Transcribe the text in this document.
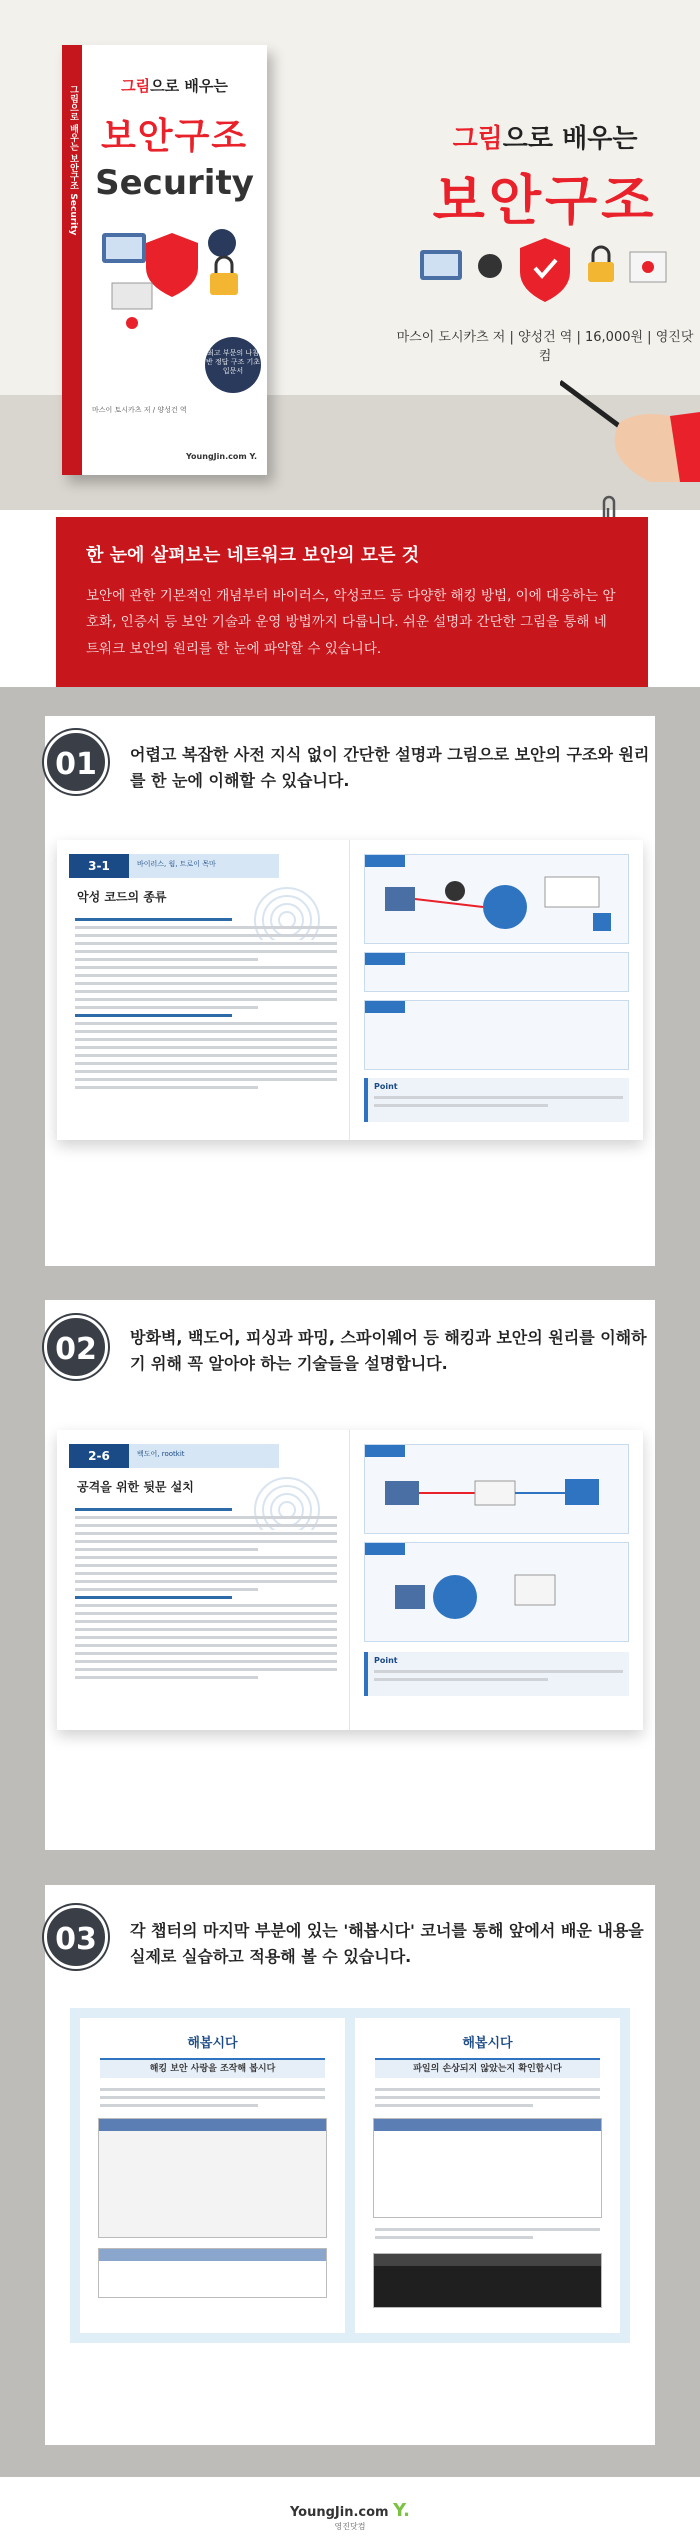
그림으로 배우는 보안구조 Security	그림으로 배우는
보안구조
Security
최고 부문의 나침반 정답 구조 기초 입문서
마스이 토시카츠 저 / 양성건 역
YoungJin.com Y.
그림으로 배우는
보안구조
마스이 도시카츠 저 | 양성건 역 | 16,000원 | 영진닷컴
한 눈에 살펴보는 네트워크 보안의 모든 것
보안에 관한 기본적인 개념부터 바이러스, 악성코드 등 다양한 해킹 방법, 이에 대응하는 암호화, 인증서 등 보안 기술과 운영 방법까지 다룹니다. 쉬운 설명과 간단한 그림을 통해 네트워크 보안의 원리를 한 눈에 파악할 수 있습니다.
01	어렵고 복잡한 사전 지식 없이 간단한 설명과 그림으로 보안의 구조와 원리를 한 눈에 이해할 수 있습니다.
3-1	바이러스, 웜, 트로이 목마
악성 코드의 종류
Point
02	방화벽, 백도어, 피싱과 파밍, 스파이웨어 등 해킹과 보안의 원리를 이해하기 위해 꼭 알아야 하는 기술들을 설명합니다.
2-6	백도어, rootkit
공격을 위한 뒷문 설치
Point
03	각 챕터의 마지막 부분에 있는 '해봅시다' 코너를 통해 앞에서 배운 내용을 실제로 실습하고 적용해 볼 수 있습니다.
해봅시다
해킹 보안 사랑을 조작해 봅시다
해봅시다
파일의 손상되지 않았는지 확인합시다
YoungJin.com Y.
영진닷컴
